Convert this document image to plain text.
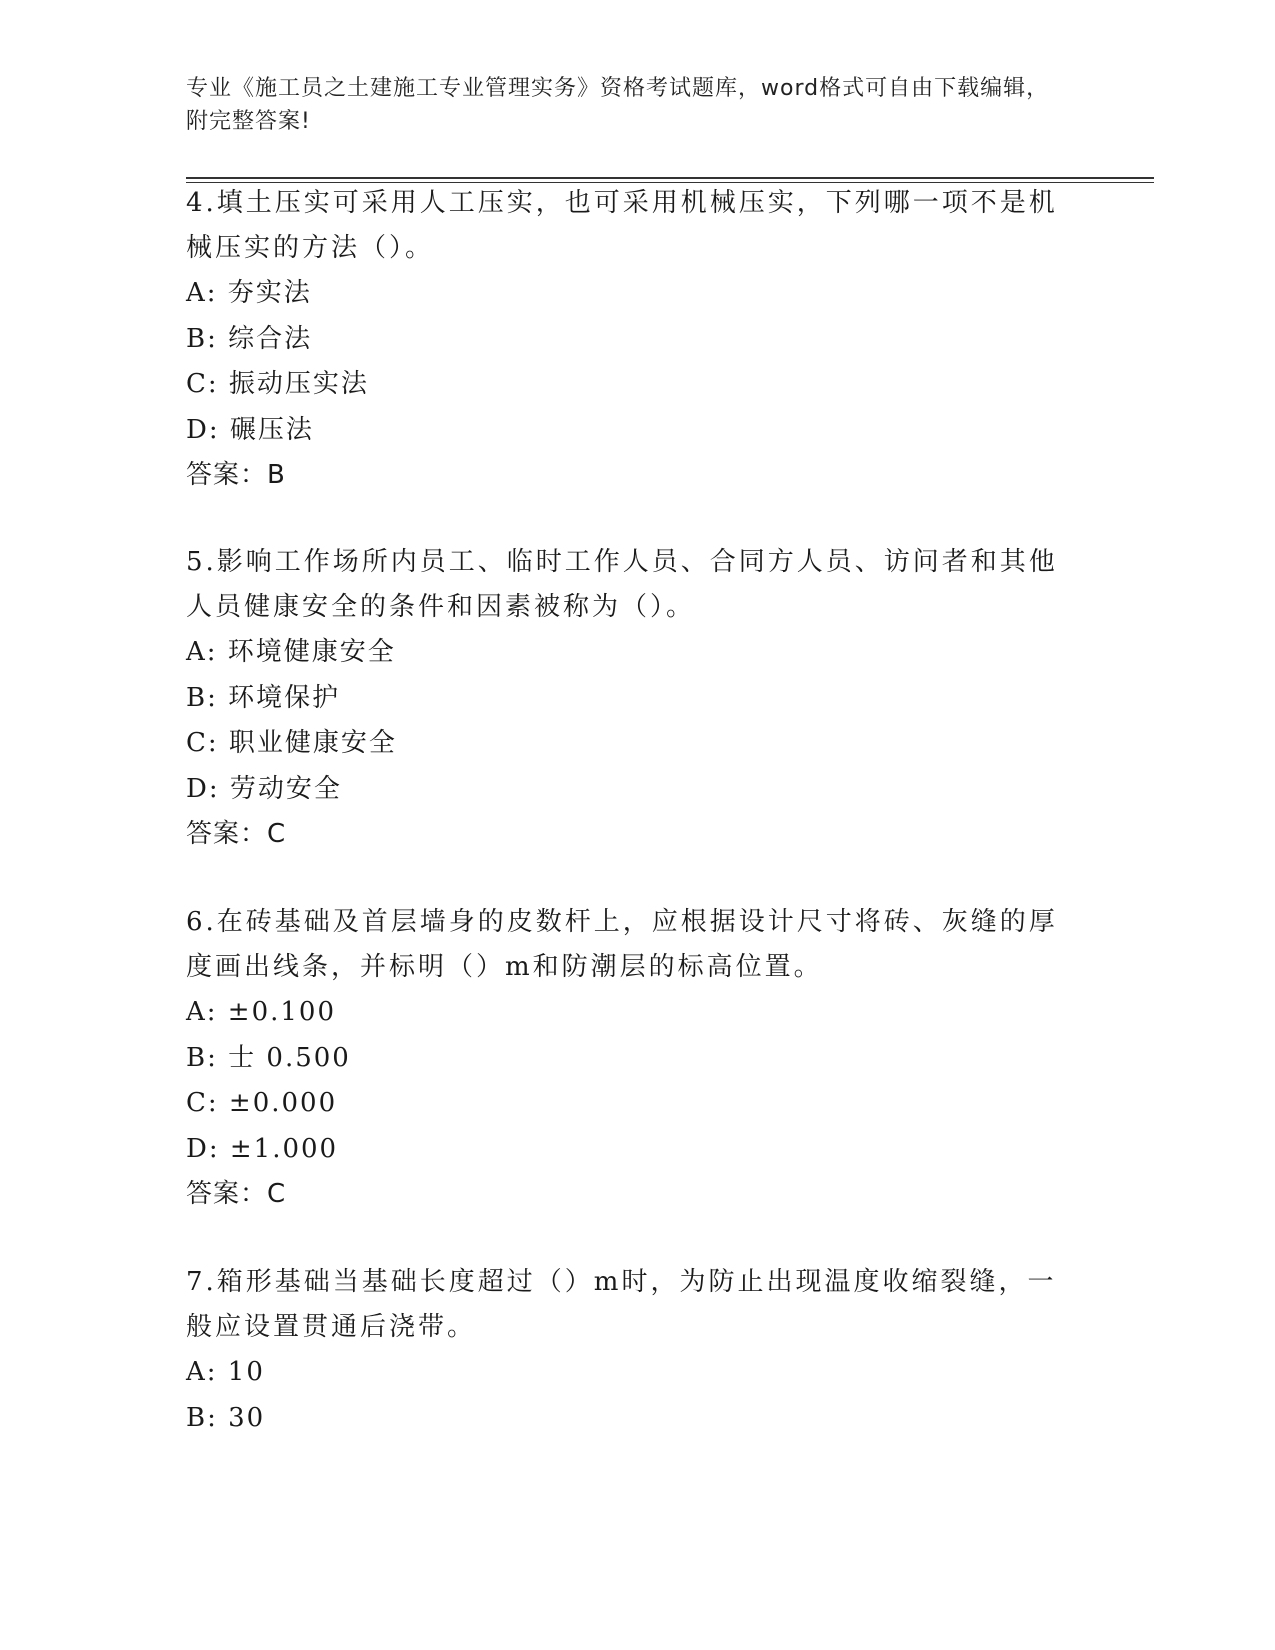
专业《施工员之土建施工专业管理实务》资格考试题库，word格式可自由下载编辑，附完整答案!

4.填土压实可采用人工压实，也可采用机械压实，下列哪一项不是机械压实的方法（）。

A: 夯实法

B: 综合法

C: 振动压实法

D: 碾压法

答案：B

5.影响工作场所内员工、临时工作人员、合同方人员、访问者和其他人员健康安全的条件和因素被称为（）。

A: 环境健康安全

B: 环境保护

C: 职业健康安全

D: 劳动安全

答案：C

6.在砖基础及首层墙身的皮数杆上，应根据设计尺寸将砖、灰缝的厚度画出线条，并标明（）m和防潮层的标高位置。

A: ±0.100

B: 士 0.500

C: ±0.000

D: ±1.000

答案：C

7.箱形基础当基础长度超过（）m时，为防止出现温度收缩裂缝，一般应设置贯通后浇带。

A: 10

B: 30
